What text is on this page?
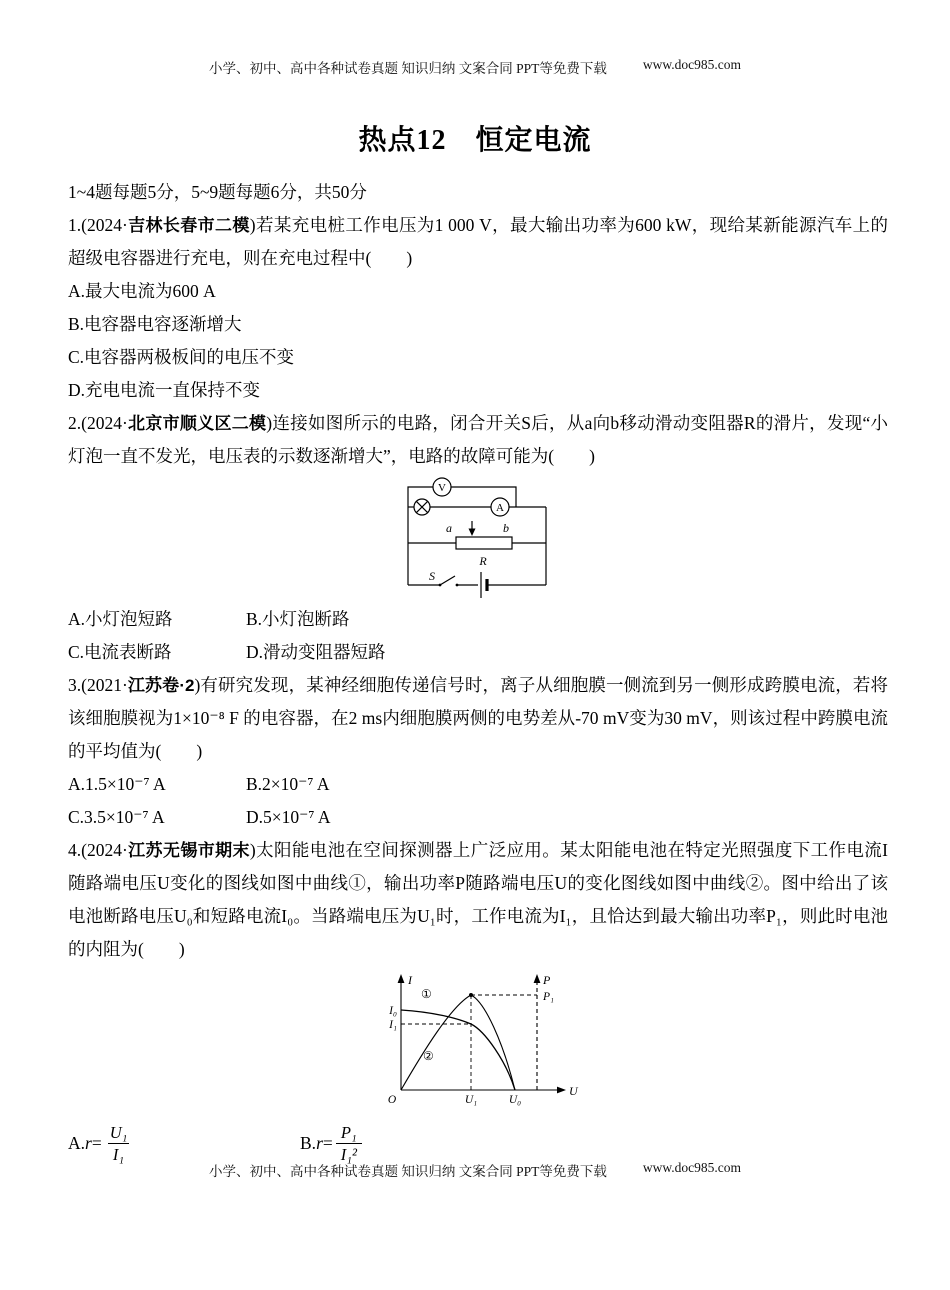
小学、初中、高中各种试卷真题 知识归纳 文案合同 PPT等免费下载	www.doc985.com
热点12　恒定电流

1~4题每题5分，5~9题每题6分，共50分

1.(2024·吉林长春市二模)若某充电桩工作电压为1 000 V，最大输出功率为600 kW，现给某新能源汽车上的超级电容器进行充电，则在充电过程中(　　)

A.最大电流为600 A
B.电容器电容逐渐增大
C.电容器两极板间的电压不变
D.充电电流一直保持不变

2.(2024·北京市顺义区二模)连接如图所示的电路，闭合开关S后，从a向b移动滑动变阻器R的滑片，发现“小灯泡一直不发光，电压表的示数逐渐增大”，电路的故障可能为(　　)

V
A
a	b
R
S
A.小灯泡短路	B.小灯泡断路
C.电流表断路	D.滑动变阻器短路

3.(2021·江苏卷·2)有研究发现，某神经细胞传递信号时，离子从细胞膜一侧流到另一侧形成跨膜电流，若将该细胞膜视为1×10⁻⁸ F 的电容器，在2 ms内细胞膜两侧的电势差从-70 mV变为30 mV，则该过程中跨膜电流的平均值为(　　)

A.1.5×10⁻⁷ A	B.2×10⁻⁷ A
C.3.5×10⁻⁷ A	D.5×10⁻⁷ A

4.(2024·江苏无锡市期末)太阳能电池在空间探测器上广泛应用。某太阳能电池在特定光照强度下工作电流I随路端电压U变化的图线如图中曲线①，输出功率P随路端电压U的变化图线如图中曲线②。图中给出了该电池断路电压U₀和短路电流I₀。当路端电压为U₁时，工作电流为I₁，且恰达到最大输出功率P₁，则此时电池的内阻为(　　)

I	P
P₁
I₀
I₁
O	U₁	U₀
U
①
②
A. $r = \frac{\text{U₁}}{\text{I₁}}$	B. $r = \frac{\text{P₁}}{\text{I₁²}}$
小学、初中、高中各种试卷真题 知识归纳 文案合同 PPT等免费下载	www.doc985.com
